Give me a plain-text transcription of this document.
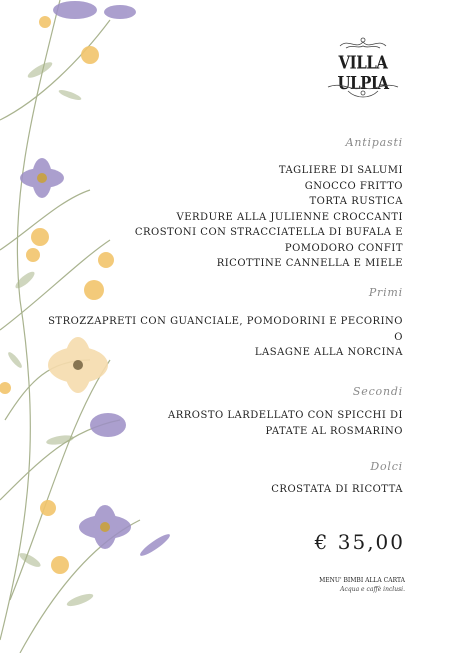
VILLA ULPIA
Antipasti
TAGLIERE DI SALUMI
GNOCCO FRITTO
TORTA RUSTICA
VERDURE ALLA JULIENNE CROCCANTI
CROSTONI CON STRACCIATELLA DI BUFALA E
POMODORO CONFIT
RICOTTINE CANNELLA E MIELE
Primi
STROZZAPRETI CON GUANCIALE, POMODORINI E PECORINO
O
LASAGNE ALLA NORCINA
Secondi
ARROSTO LARDELLATO CON SPICCHI DI
PATATE AL ROSMARINO
Dolci
CROSTATA DI RICOTTA
€ 35,00
MENU' BIMBI ALLA CARTA
Acqua e caffè inclusi.
